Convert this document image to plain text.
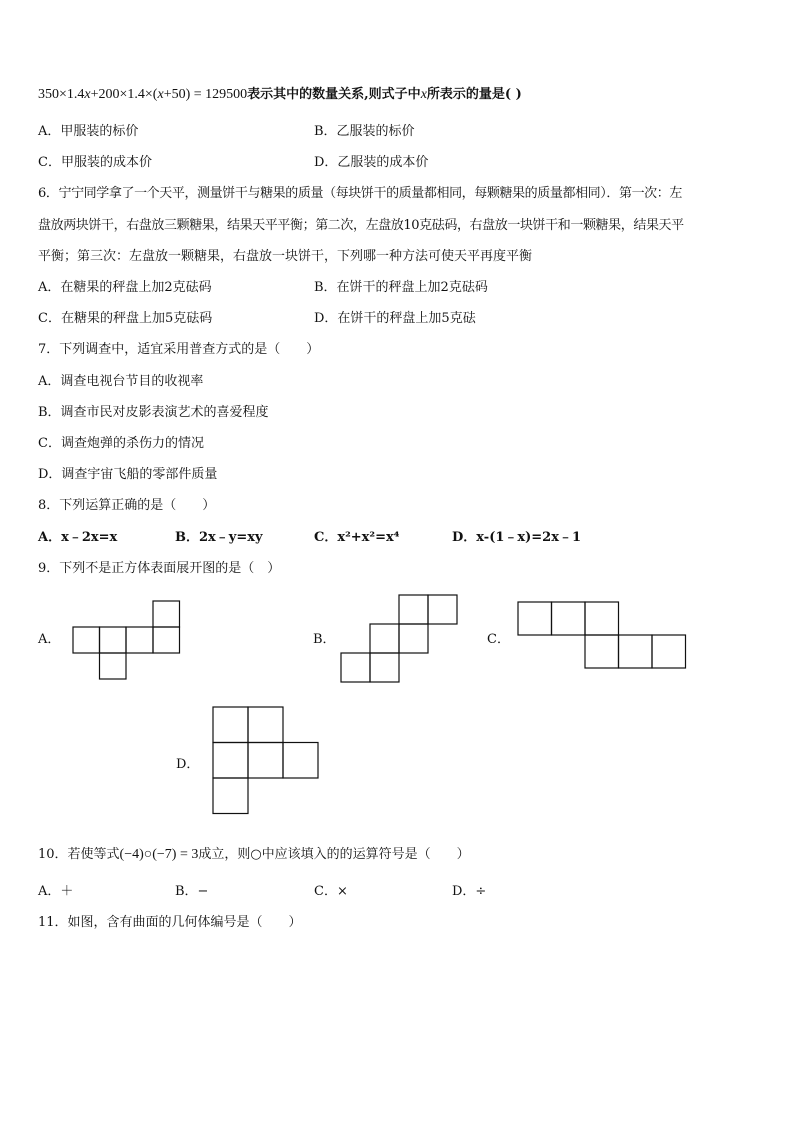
350×1.4x+200×1.4×(x+50) = 129500表示其中的数量关系,则式子中x所表示的量是( )
A．甲服装的标价	B．乙服装的标价
C．甲服装的成本价	D．乙服装的成本价
6．宁宁同学拿了一个天平，测量饼干与糖果的质量（每块饼干的质量都相同，每颗糖果的质量都相同）．第一次：左
盘放两块饼干，右盘放三颗糖果，结果天平平衡；第二次，左盘放10克砝码，右盘放一块饼干和一颗糖果，结果天平
平衡；第三次：左盘放一颗糖果，右盘放一块饼干，下列哪一种方法可使天平再度平衡
A．在糖果的秤盘上加2克砝码	B．在饼干的秤盘上加2克砝码
C．在糖果的秤盘上加5克砝码	D．在饼干的秤盘上加5克砝
7．下列调查中，适宜采用普查方式的是（　　）
A．调查电视台节目的收视率
B．调查市民对皮影表演艺术的喜爱程度
C．调查炮弹的杀伤力的情况
D．调查宇宙飞船的零部件质量
8．下列运算正确的是（　　）
A．x﹣2x=x	B．2x﹣y=xy	C．x²+x²=x⁴	D．x-(1﹣x)=2x﹣1
9．下列不是正方体表面展开图的是（　）
A．	B．	C．
D．
10．若使等式(−4)○(−7) = 3成立，则○中应该填入的的运算符号是（　　）
A．＋	B．−	C．×	D．÷
11．如图，含有曲面的几何体编号是（　　）
